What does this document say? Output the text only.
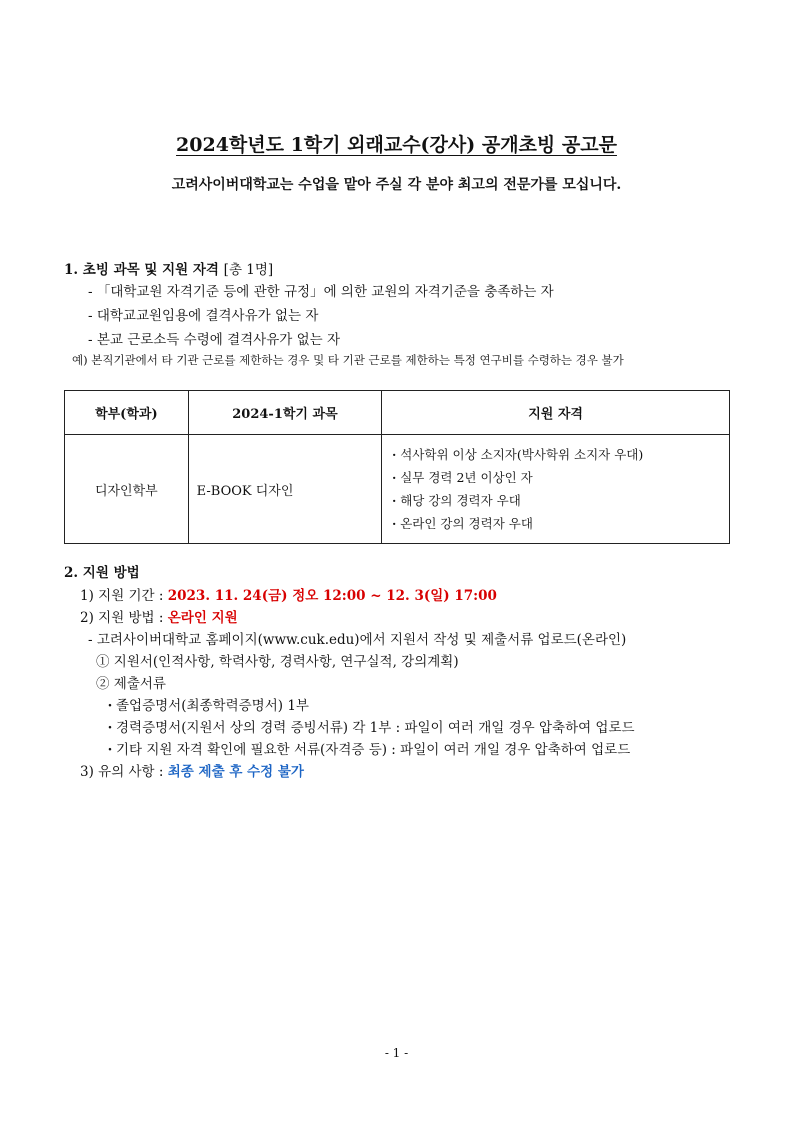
2024학년도 1학기 외래교수(강사) 공개초빙 공고문
고려사이버대학교는 수업을 맡아 주실 각 분야 최고의 전문가를 모십니다.
1. 초빙 과목 및 지원 자격 [총 1명]
- 「대학교원 자격기준 등에 관한 규정」에 의한 교원의 자격기준을 충족하는 자
- 대학교교원임용에 결격사유가 없는 자
- 본교 근로소득 수령에 결격사유가 없는 자
예) 본직기관에서 타 기관 근로를 제한하는 경우 및 타 기관 근로를 제한하는 특정 연구비를 수령하는 경우 불가
학부(학과)	2024-1학기 과목	지원 자격
디자인학부	E-BOOK 디자인	· 석사학위 이상 소지자(박사학위 소지자 우대)
· 실무 경력 2년 이상인 자
· 해당 강의 경력자 우대
· 온라인 강의 경력자 우대
2. 지원 방법
1) 지원 기간 : 2023. 11. 24(금) 정오 12:00 ~ 12. 3(일) 17:00
2) 지원 방법 : 온라인 지원
- 고려사이버대학교 홈페이지(www.cuk.edu)에서 지원서 작성 및 제출서류 업로드(온라인)
① 지원서(인적사항, 학력사항, 경력사항, 연구실적, 강의계획)
② 제출서류
· 졸업증명서(최종학력증명서) 1부
· 경력증명서(지원서 상의 경력 증빙서류) 각 1부 : 파일이 여러 개일 경우 압축하여 업로드
· 기타 지원 자격 확인에 필요한 서류(자격증 등) : 파일이 여러 개일 경우 압축하여 업로드
3) 유의 사항 : 최종 제출 후 수정 불가
- 1 -
